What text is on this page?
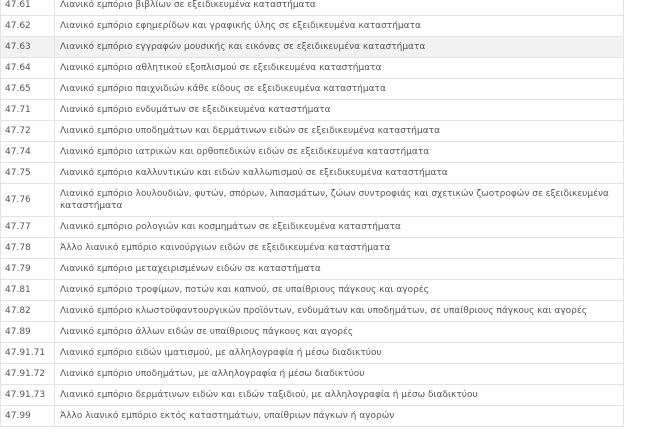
47.61	Λιανικό εμπόριο βιβλίων σε εξειδικευμένα καταστήματα
47.62	Λιανικό εμπόριο εφημερίδων και γραφικής ύλης σε εξειδικευμένα καταστήματα
47.63	Λιανικό εμπόριο εγγραφών μουσικής και εικόνας σε εξειδικευμένα καταστήματα
47.64	Λιανικό εμπόριο αθλητικού εξοπλισμού σε εξειδικευμένα καταστήματα
47.65	Λιανικό εμπόριο παιχνιδιών κάθε είδους σε εξειδικευμένα καταστήματα
47.71	Λιανικό εμπόριο ενδυμάτων σε εξειδικευμένα καταστήματα
47.72	Λιανικό εμπόριο υποδημάτων και δερμάτινων ειδών σε εξειδικευμένα καταστήματα
47.74	Λιανικό εμπόριο ιατρικών και ορθοπεδικών ειδών σε εξειδικευμένα καταστήματα
47.75	Λιανικό εμπόριο καλλυντικών και ειδών καλλωπισμού σε εξειδικευμένα καταστήματα
47.76	Λιανικό εμπόριο λουλουδιών, φυτών, σπόρων, λιπασμάτων, ζώων συντροφιάς και σχετικών ζωοτροφών σε εξειδικευμένα καταστήματα
47.77	Λιανικό εμπόριο ρολογιών και κοσμημάτων σε εξειδικευμένα καταστήματα
47.78	Άλλο λιανικό εμπόριο καινούργιων ειδών σε εξειδικευμένα καταστήματα
47.79	Λιανικό εμπόριο μεταχειρισμένων ειδών σε καταστήματα
47.81	Λιανικό εμπόριο τροφίμων, ποτών και καπνού, σε υπαίθριους πάγκους και αγορές
47.82	Λιανικό εμπόριο κλωστοϋφαντουργικών προϊόντων, ενδυμάτων και υποδημάτων, σε υπαίθριους πάγκους και αγορές
47.89	Λιανικό εμπόριο άλλων ειδών σε υπαίθριους πάγκους και αγορές
47.91.71	Λιανικό εμπόριο ειδών ιματισμού, με αλληλογραφία ή μέσω διαδικτύου
47.91.72	Λιανικό εμπόριο υποδημάτων, με αλληλογραφία ή μέσω διαδικτύου
47.91.73	Λιανικό εμπόριο δερμάτινων ειδών και ειδών ταξιδιού, με αλληλογραφία ή μέσω διαδικτύου
47.99	Άλλο λιανικό εμπόριο εκτός καταστημάτων, υπαίθριων πάγκων ή αγορών
